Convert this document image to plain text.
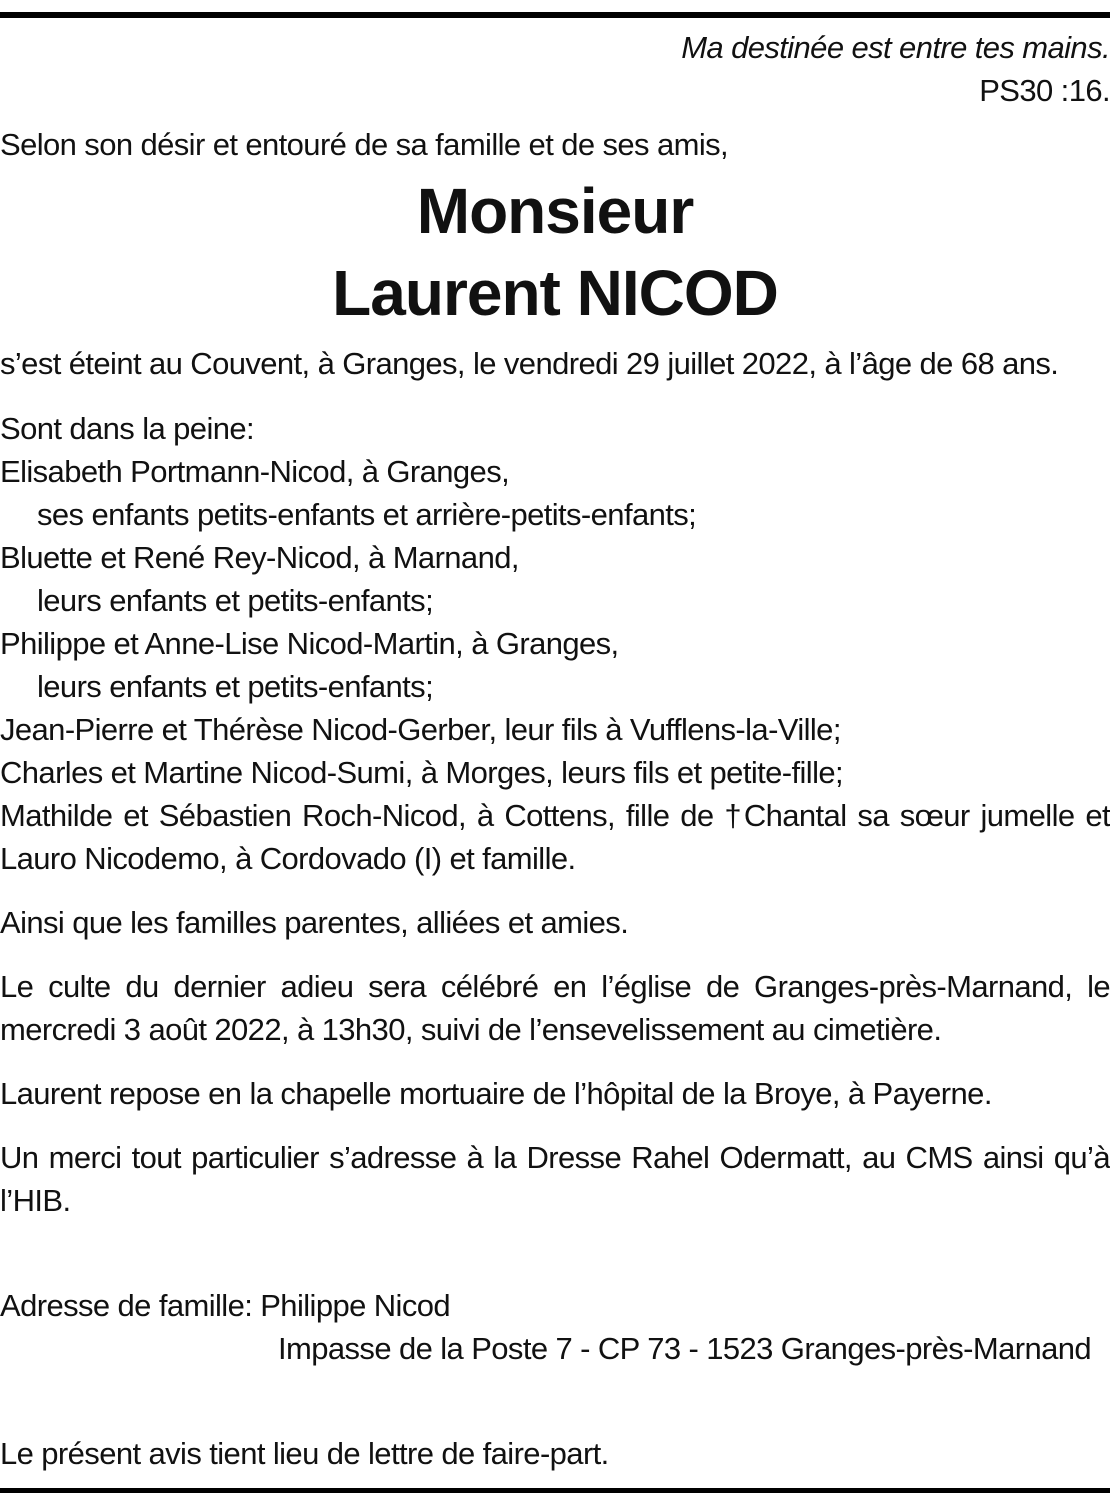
Ma destinée est entre tes mains.
PS30 :16.
Selon son désir et entouré de sa famille et de ses amis,
Monsieur
Laurent NICOD
s’est éteint au Couvent, à Granges, le vendredi 29 juillet 2022, à l’âge de 68 ans.
Sont dans la peine:
Elisabeth Portmann-Nicod, à Granges,
ses enfants petits-enfants et arrière-petits-enfants;
Bluette et René Rey-Nicod, à Marnand,
leurs enfants et petits-enfants;
Philippe et Anne-Lise Nicod-Martin, à Granges,
leurs enfants et petits-enfants;
Jean-Pierre et Thérèse Nicod-Gerber, leur fils à Vufflens-la-Ville;
Charles et Martine Nicod-Sumi, à Morges, leurs fils et petite-fille;
Mathilde et Sébastien Roch-Nicod, à Cottens, fille de †Chantal sa sœur jumelle et Lauro Nicodemo, à Cordovado (I) et famille.
Ainsi que les familles parentes, alliées et amies.
Le culte du dernier adieu sera célébré en l’église de Granges-près-Marnand, le mercredi 3 août 2022, à 13h30, suivi de l’ensevelissement au cimetière.
Laurent repose en la chapelle mortuaire de l’hôpital de la Broye, à Payerne.
Un merci tout particulier s’adresse à la Dresse Rahel Odermatt, au CMS ainsi qu’à l’HIB.
Adresse de famille: Philippe Nicod
Impasse de la Poste 7 - CP 73 - 1523 Granges-près-Marnand
Le présent avis tient lieu de lettre de faire-part.
